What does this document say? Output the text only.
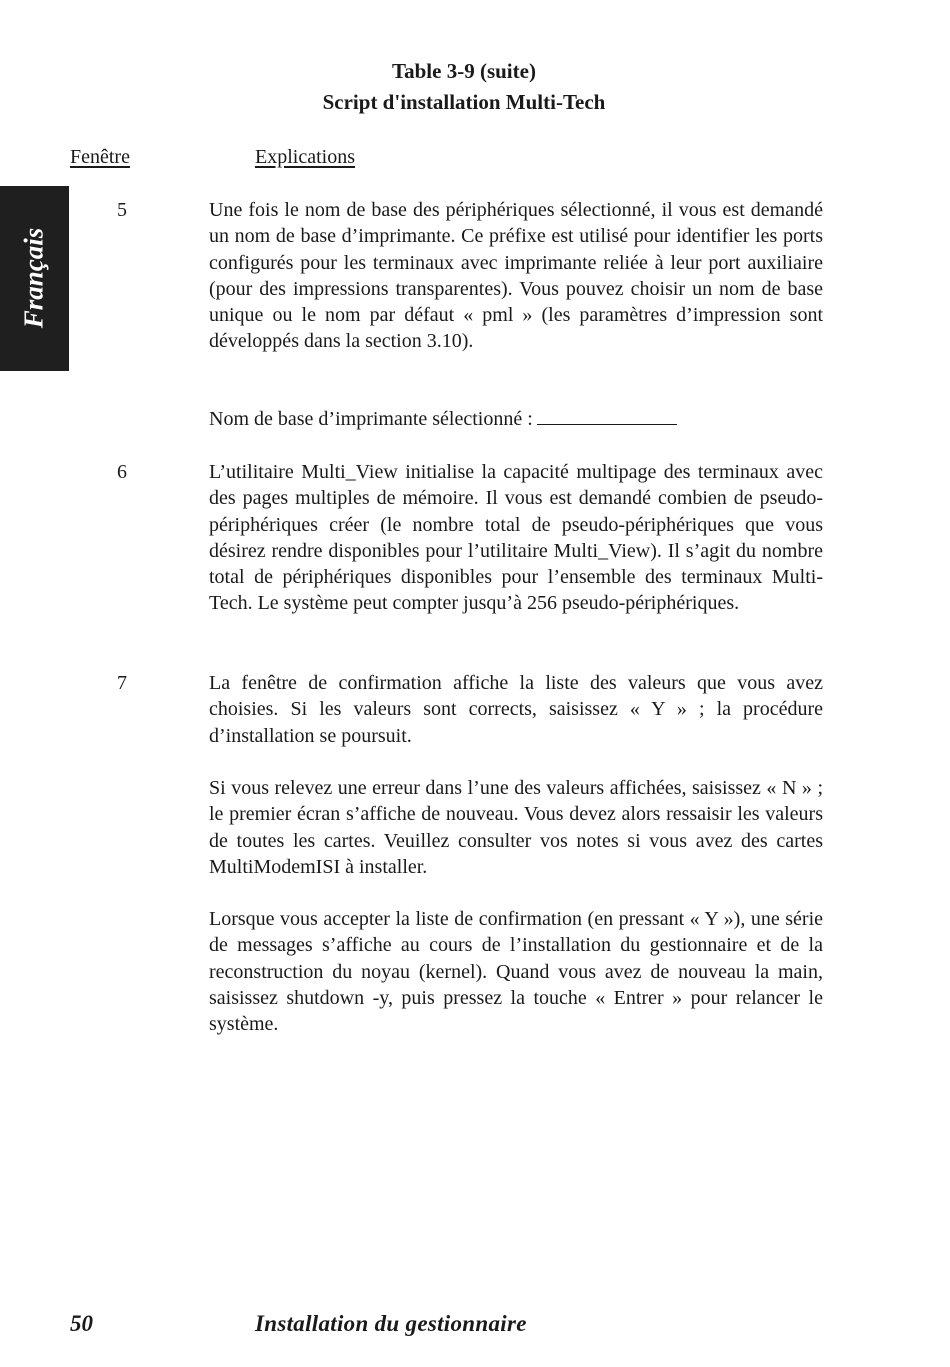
Table 3-9 (suite)
Script d'installation Multi-Tech
Fenêtre	Explications
Français
5	Une fois le nom de base des périphériques sélectionné, il vous est demandé un nom de base d’imprimante. Ce préfixe est utilisé pour identifier les ports configurés pour les terminaux avec imprimante reliée à leur port auxiliaire (pour des impressions transparentes). Vous pouvez choisir un nom de base unique ou le nom par défaut « pml » (les paramètres d’impression sont développés dans la section 3.10).
Nom de base d’imprimante sélectionné :
6	L’utilitaire Multi_View initialise la capacité multipage des terminaux avec des pages multiples de mémoire. Il vous est demandé combien de pseudo-périphériques créer (le nombre total de pseudo-périphériques que vous désirez rendre disponibles pour l’utilitaire Multi_View). Il s’agit du nombre total de périphériques disponibles pour l’ensemble des terminaux Multi-Tech. Le système peut compter jusqu’à 256 pseudo-périphériques.
7	La fenêtre de confirmation affiche la liste des valeurs que vous avez choisies. Si les valeurs sont corrects, saisissez « Y » ; la procédure d’installation se poursuit.
Si vous relevez une erreur dans l’une des valeurs affichées, saisissez « N » ; le premier écran s’affiche de nouveau. Vous devez alors ressaisir les valeurs de toutes les cartes. Veuillez consulter vos notes si vous avez des cartes MultiModemISI à installer.
Lorsque vous accepter la liste de confirmation (en pressant « Y »), une série de messages s’affiche au cours de l’installation du gestionnaire et de la reconstruction du noyau (kernel). Quand vous avez de nouveau la main, saisissez shutdown -y, puis pressez la touche « Entrer » pour relancer le système.
50	Installation du gestionnaire
